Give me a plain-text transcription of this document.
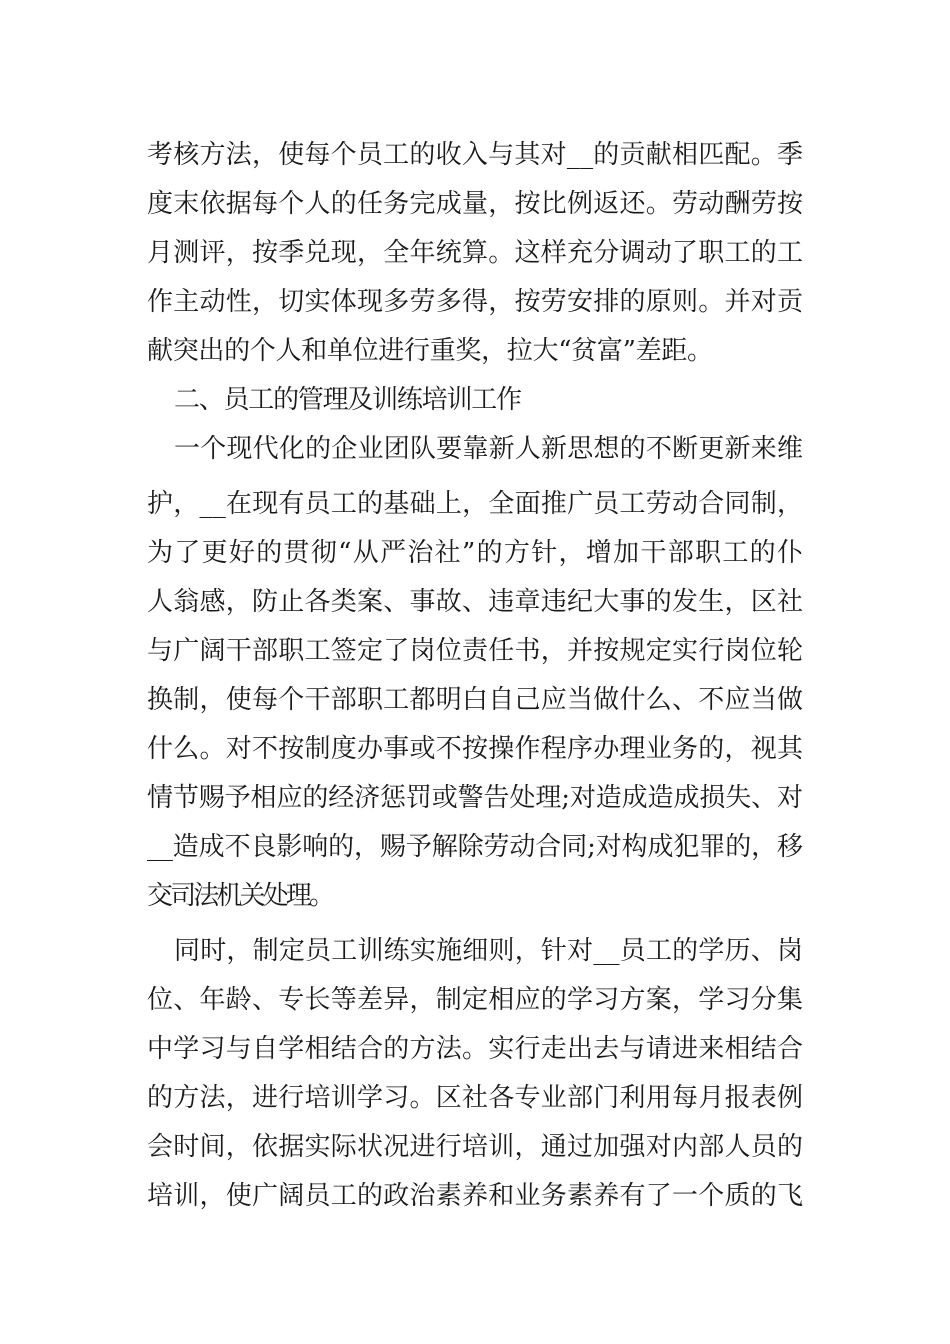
考核方法，使每个员工的收入与其对__的贡献相匹配。季
度末依据每个人的任务完成量，按比例返还。劳动酬劳按
月测评，按季兑现，全年统算。这样充分调动了职工的工
作主动性，切实体现多劳多得，按劳安排的原则。并对贡
献突出的个人和单位进行重奖，拉大“贫富”差距。
二、员工的管理及训练培训工作
一个现代化的企业团队要靠新人新思想的不断更新来维
护，__在现有员工的基础上，全面推广员工劳动合同制，
为了更好的贯彻“从严治社”的方针，增加干部职工的仆
人翁感，防止各类案、事故、违章违纪大事的发生，区社
与广阔干部职工签定了岗位责任书，并按规定实行岗位轮
换制，使每个干部职工都明白自己应当做什么、不应当做
什么。对不按制度办事或不按操作程序办理业务的，视其
情节赐予相应的经济惩罚或警告处理;对造成造成损失、对
__造成不良影响的，赐予解除劳动合同;对构成犯罪的，移
交司法机关处理。
同时，制定员工训练实施细则，针对__员工的学历、岗
位、年龄、专长等差异，制定相应的学习方案，学习分集
中学习与自学相结合的方法。实行走出去与请进来相结合
的方法，进行培训学习。区社各专业部门利用每月报表例
会时间，依据实际状况进行培训，通过加强对内部人员的
培训，使广阔员工的政治素养和业务素养有了一个质的飞
